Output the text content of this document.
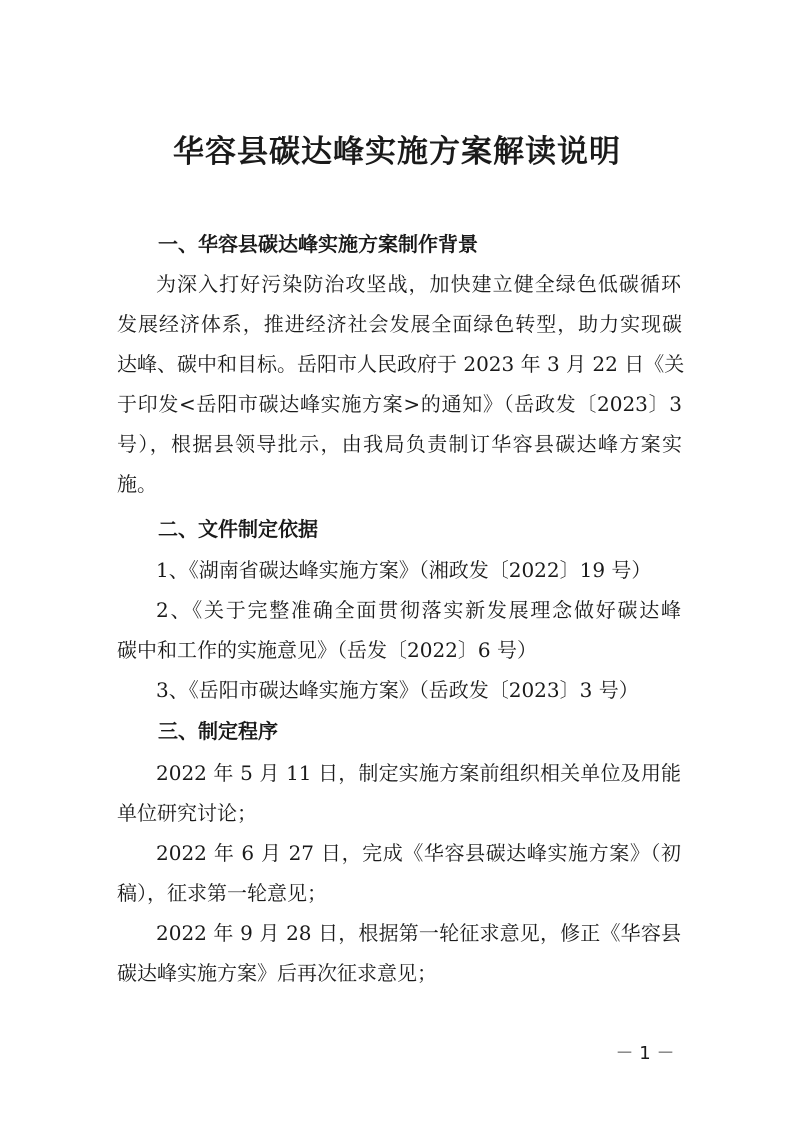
华容县碳达峰实施方案解读说明
一、华容县碳达峰实施方案制作背景
为深入打好污染防治攻坚战，加快建立健全绿色低碳循环
发展经济体系，推进经济社会发展全面绿色转型，助力实现碳
达峰、碳中和目标。岳阳市人民政府于 2023 年 3 月 22 日《关
于印发<岳阳市碳达峰实施方案>的通知》（岳政发〔2023〕3
号），根据县领导批示，由我局负责制订华容县碳达峰方案实
施。
二、文件制定依据
1、《湖南省碳达峰实施方案》（湘政发〔2022〕19 号）
2、《关于完整准确全面贯彻落实新发展理念做好碳达峰
碳中和工作的实施意见》（岳发〔2022〕6 号）
3、《岳阳市碳达峰实施方案》（岳政发〔2023〕3 号）
三、制定程序
2022 年 5 月 11 日，制定实施方案前组织相关单位及用能
单位研究讨论；
2022 年 6 月 27 日，完成《华容县碳达峰实施方案》（初
稿），征求第一轮意见；
2022 年 9 月 28 日，根据第一轮征求意见，修正《华容县
碳达峰实施方案》后再次征求意见；
－ 1 －
